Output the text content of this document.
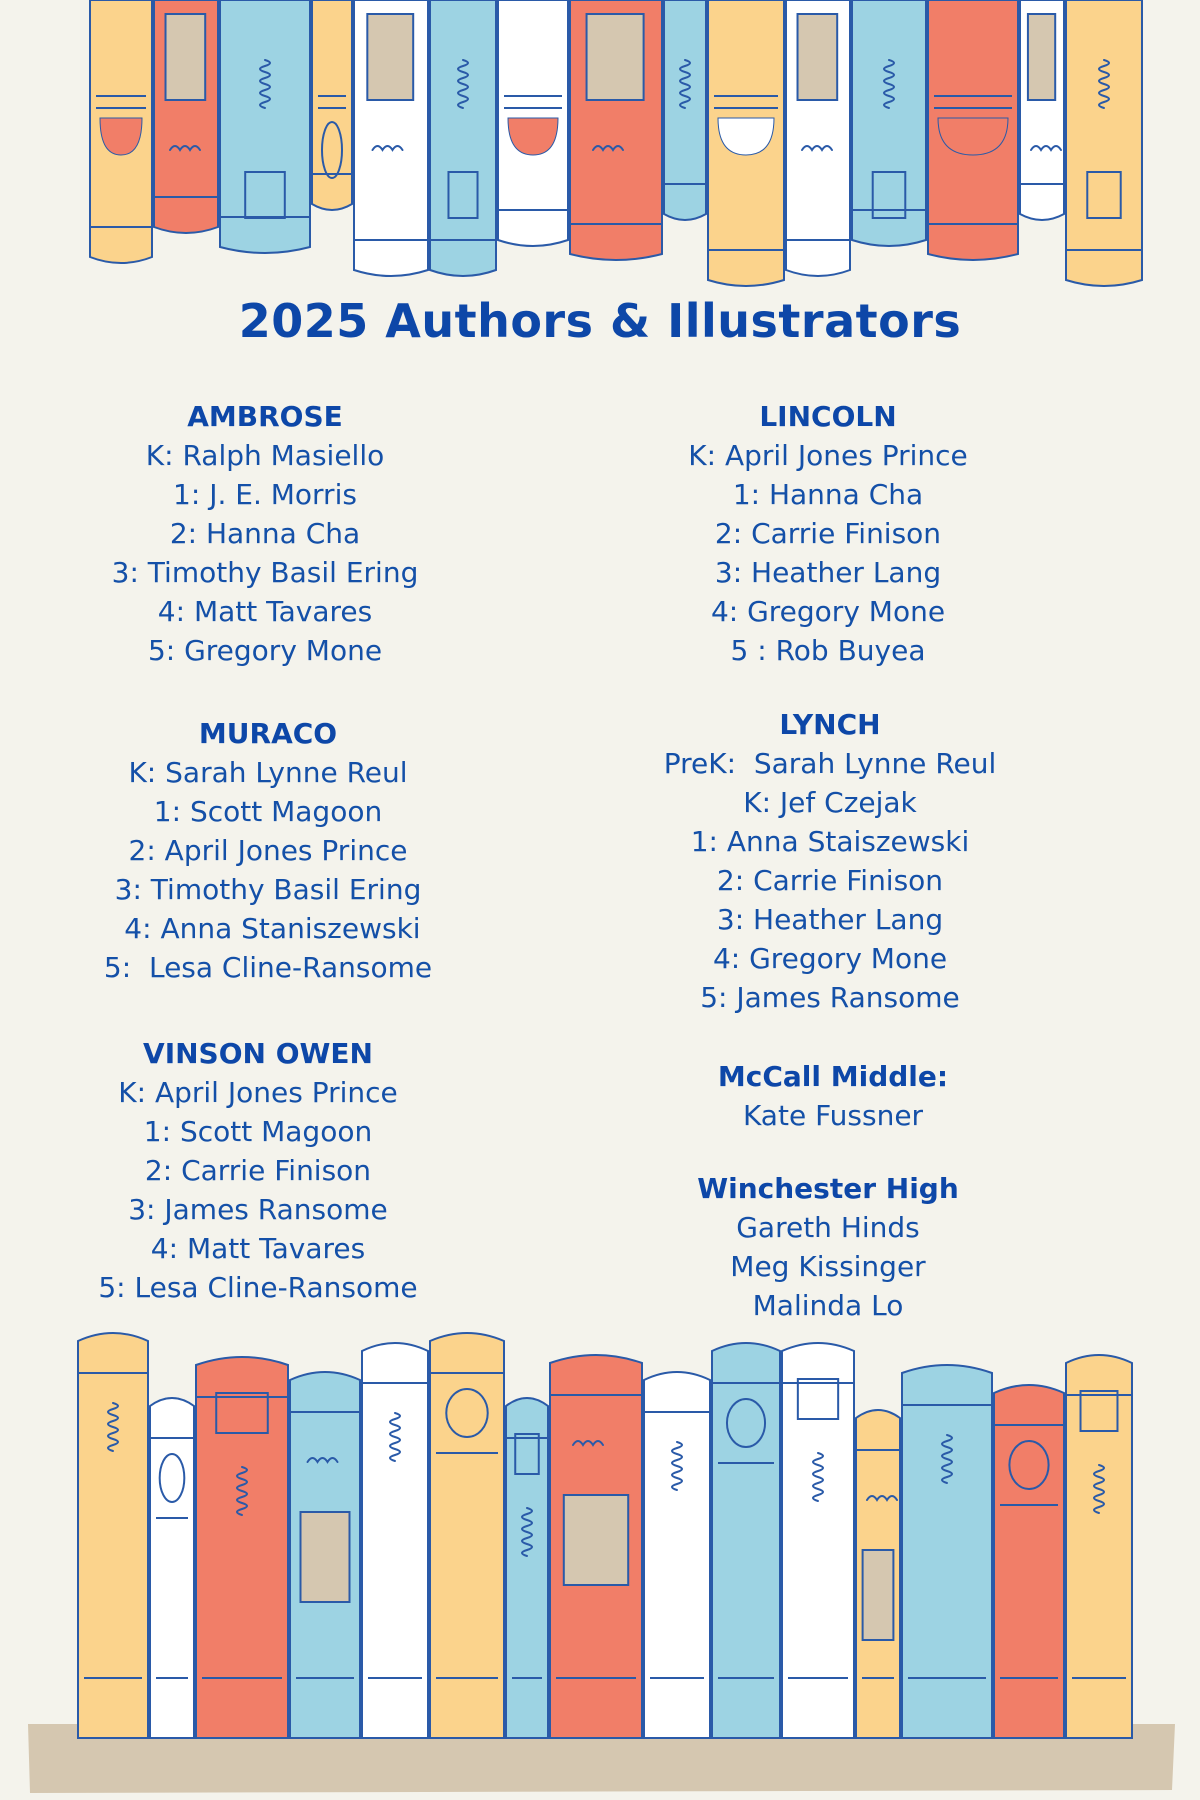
2025 Authors & Illustrators
AMBROSE
K: Ralph Masiello
1: J. E. Morris
2: Hanna Cha
3: Timothy Basil Ering
4: Matt Tavares
5: Gregory Mone
LINCOLN
K: April Jones Prince
1: Hanna Cha
2: Carrie Finison
3: Heather Lang
4: Gregory Mone
5 : Rob Buyea
MURACO
K: Sarah Lynne Reul
1: Scott Magoon
2: April Jones Prince
3: Timothy Basil Ering
4: Anna Staniszewski
5:  Lesa Cline-Ransome
LYNCH
PreK:  Sarah Lynne Reul
K: Jef Czejak
1: Anna Staiszewski
2: Carrie Finison
3: Heather Lang
4: Gregory Mone
5: James Ransome
VINSON OWEN
K: April Jones Prince
1: Scott Magoon
2: Carrie Finison
3: James Ransome
4: Matt Tavares
5: Lesa Cline-Ransome
McCall Middle:
Kate Fussner
Winchester High
Gareth Hinds
Meg Kissinger
Malinda Lo
